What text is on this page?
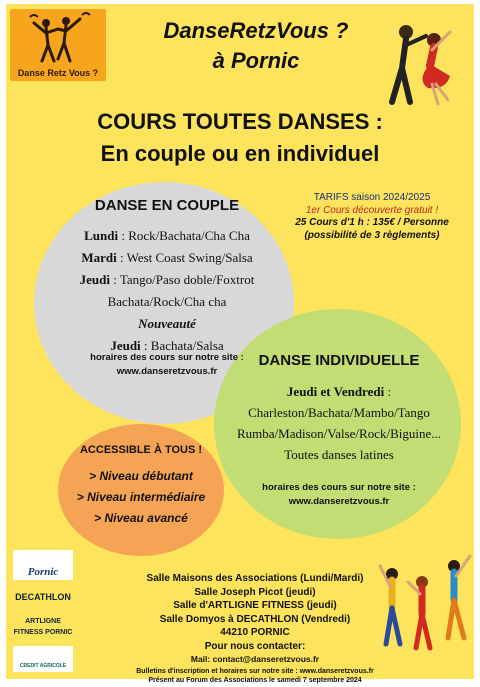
Danse Retz Vous ?
DanseRetzVous ?
à Pornic
COURS TOUTES DANSES :
En couple ou en individuel
DANSE EN COUPLE
Lundi : Rock/Bachata/Cha Cha
Mardi : West Coast Swing/Salsa
Jeudi : Tango/Paso doble/Foxtrot
Bachata/Rock/Cha cha
Nouveauté
Jeudi : Bachata/Salsa
horaires des cours sur notre site :
www.danseretzvous.fr
TARIFS saison 2024/2025
1er Cours découverte gratuit !
25 Cours d'1 h : 135€ / Personne
(possibilité de 3 règlements)
DANSE INDIVIDUELLE
Jeudi et Vendredi :
Charleston/Bachata/Mambo/Tango
Rumba/Madison/Valse/Rock/Biguine...
Toutes danses latines
horaires des cours sur notre site :
www.danseretzvous.fr
ACCESSIBLE À TOUS !
> Niveau débutant
> Niveau intermédiaire
> Niveau avancé
Pornic
DECATHLON
ARTLIGNE FITNESS PORNIC
CREDIT AGRICOLE
Salle Maisons des Associations (Lundi/Mardi)
Salle Joseph Picot (jeudi)
Salle d'ARTLIGNE FITNESS (jeudi)
Salle Domyos à DECATHLON (Vendredi)
44210 PORNIC
Pour nous contacter:
Mail: contact@danseretzvous.fr
Bulletins d'inscription et horaires sur notre site : www.danseretzvous.fr
Présent au Forum des Associations le samedi 7 septembre 2024
